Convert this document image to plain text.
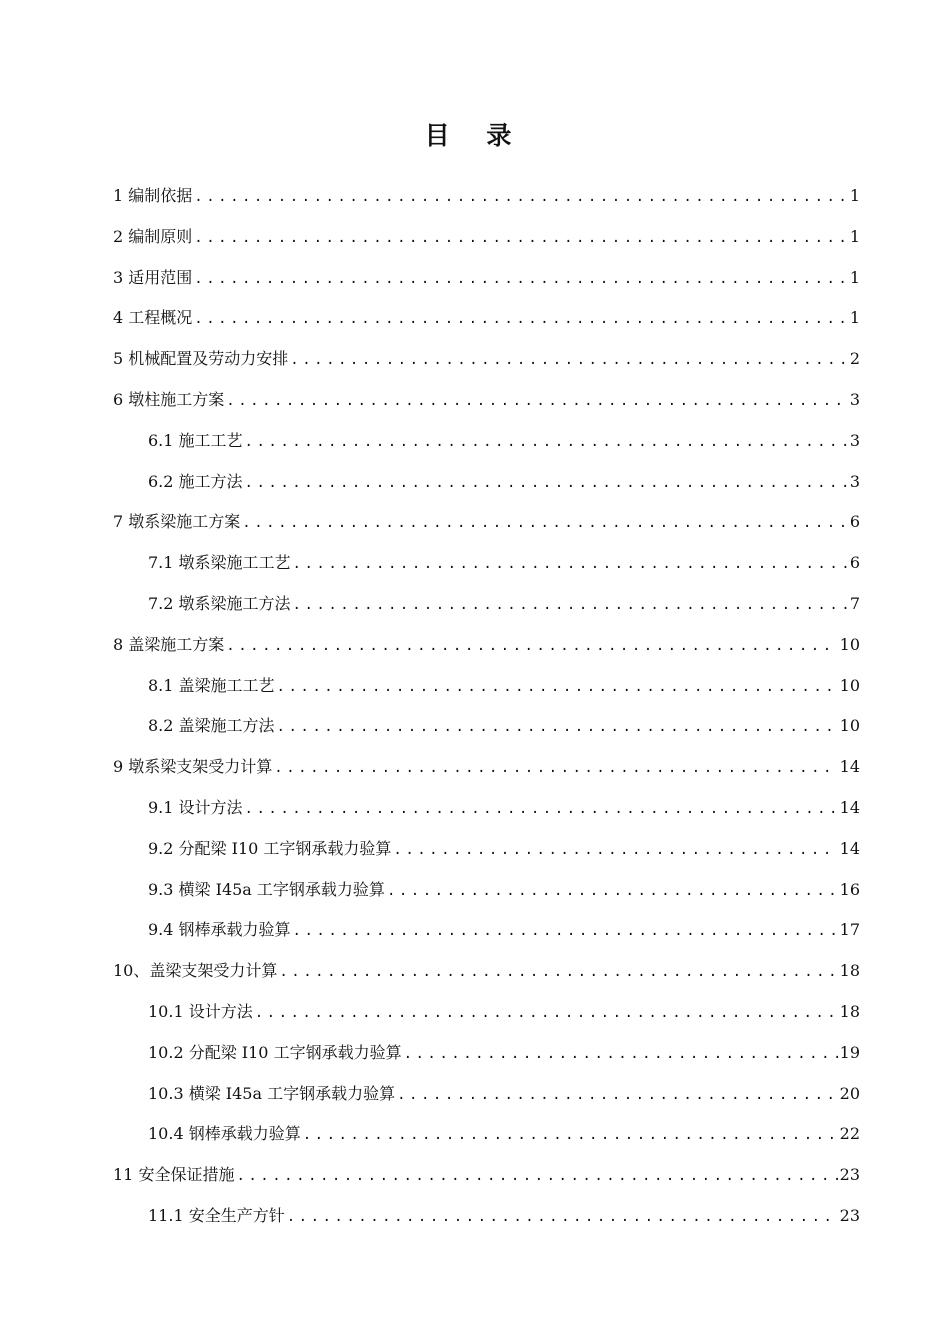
目 录
1 编制依据 .....	1
2 编制原则 .....	1
3 适用范围 .....	1
4 工程概况 .....	1
5 机械配置及劳动力安排 .....	2
6 墩柱施工方案 .....	3
6.1 施工工艺 .....	3
6.2 施工方法 .....	3
7 墩系梁施工方案 .....	6
7.1 墩系梁施工工艺 .....	6
7.2 墩系梁施工方法 .....	7
8 盖梁施工方案 .....	10
8.1 盖梁施工工艺 .....	10
8.2 盖梁施工方法 .....	10
9 墩系梁支架受力计算 .....	14
9.1 设计方法 .....	14
9.2 分配梁 I10 工字钢承载力验算 .....	14
9.3 横梁 I45a 工字钢承载力验算 .....	16
9.4 钢棒承载力验算 .....	17
10、盖梁支架受力计算 .....	18
10.1 设计方法 .....	18
10.2 分配梁 I10 工字钢承载力验算 .....	19
10.3 横梁 I45a 工字钢承载力验算 .....	20
10.4 钢棒承载力验算 .....	22
11 安全保证措施 .....	23
11.1 安全生产方针 .....	23
